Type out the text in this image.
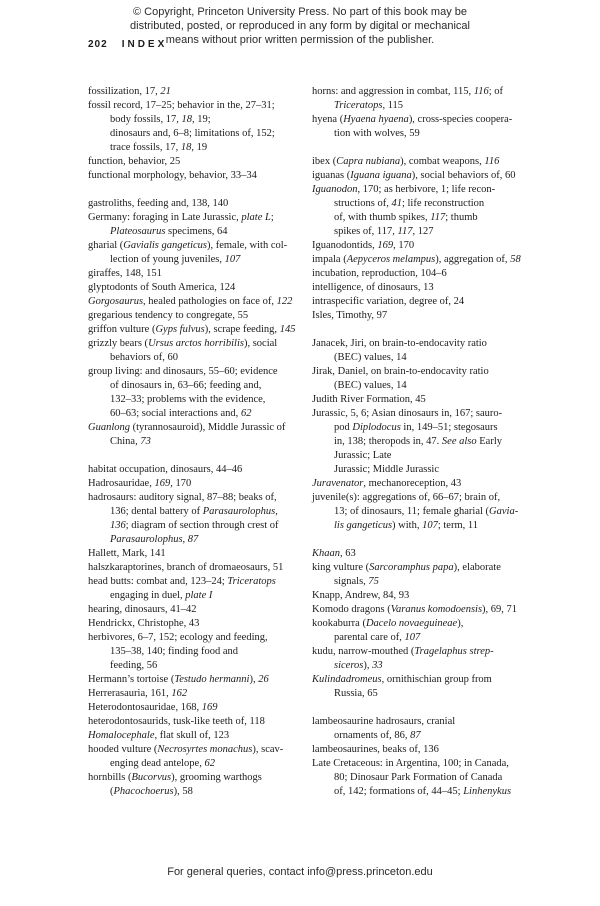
© Copyright, Princeton University Press. No part of this book may be
distributed, posted, or reproduced in any form by digital or mechanical
means without prior written permission of the publisher.
202 INDEX
fossilization, 17, 21
fossil record, 17–25; behavior in the, 27–31;
body fossils, 17, 18, 19;
dinosaurs and, 6–8; limitations of, 152;
trace fossils, 17, 18, 19
function, behavior, 25
functional morphology, behavior, 33–34
gastroliths, feeding and, 138, 140
Germany: foraging in Late Jurassic, plate L;
Plateosaurus specimens, 64
gharial (Gavialis gangeticus), female, with col-
lection of young juveniles, 107
giraffes, 148, 151
glyptodonts of South America, 124
Gorgosaurus, healed pathologies on face of, 122
gregarious tendency to congregate, 55
griffon vulture (Gyps fulvus), scrape feeding, 145
grizzly bears (Ursus arctos horribilis), social
behaviors of, 60
group living: and dinosaurs, 55–60; evidence
of dinosaurs in, 63–66; feeding and,
132–33; problems with the evidence,
60–63; social interactions and, 62
Guanlong (tyrannosauroid), Middle Jurassic of
China, 73
habitat occupation, dinosaurs, 44–46
Hadrosauridae, 169, 170
hadrosaurs: auditory signal, 87–88; beaks of,
136; dental battery of Parasaurolophus,
136; diagram of section through crest of
Parasaurolophus, 87
Hallett, Mark, 141
halszkaraptorines, branch of dromaeosaurs, 51
head butts: combat and, 123–24; Triceratops
engaging in duel, plate I
hearing, dinosaurs, 41–42
Hendrickx, Christophe, 43
herbivores, 6–7, 152; ecology and feeding,
135–38, 140; finding food and
feeding, 56
Hermann’s tortoise (Testudo hermanni), 26
Herrerasauria, 161, 162
Heterodontosauridae, 168, 169
heterodontosaurids, tusk-like teeth of, 118
Homalocephale, flat skull of, 123
hooded vulture (Necrosyrtes monachus), scav-
enging dead antelope, 62
hornbills (Bucorvus), grooming warthogs
(Phacochoerus), 58
horns: and aggression in combat, 115, 116; of
Triceratops, 115
hyena (Hyaena hyaena), cross-species coopera-
tion with wolves, 59
ibex (Capra nubiana), combat weapons, 116
iguanas (Iguana iguana), social behaviors of, 60
Iguanodon, 170; as herbivore, 1; life recon-
structions of, 41; life reconstruction
of, with thumb spikes, 117; thumb
spikes of, 117, 117, 127
Iguanodontids, 169, 170
impala (Aepyceros melampus), aggregation of, 58
incubation, reproduction, 104–6
intelligence, of dinosaurs, 13
intraspecific variation, degree of, 24
Isles, Timothy, 97
Janacek, Jiri, on brain-to-endocavity ratio
(BEC) values, 14
Jirak, Daniel, on brain-to-endocavity ratio
(BEC) values, 14
Judith River Formation, 45
Jurassic, 5, 6; Asian dinosaurs in, 167; sauro-
pod Diplodocus in, 149–51; stegosaurs
in, 138; theropods in, 47. See also Early
Jurassic; Late
Jurassic; Middle Jurassic
Juravenator, mechanoreception, 43
juvenile(s): aggregations of, 66–67; brain of,
13; of dinosaurs, 11; female gharial (Gavia-
lis gangeticus) with, 107; term, 11
Khaan, 63
king vulture (Sarcoramphus papa), elaborate
signals, 75
Knapp, Andrew, 84, 93
Komodo dragons (Varanus komodoensis), 69, 71
kookaburra (Dacelo novaeguineae),
parental care of, 107
kudu, narrow-mouthed (Tragelaphus strep-
siceros), 33
Kulindadromeus, ornithischian group from
Russia, 65
lambeosaurine hadrosaurs, cranial
ornaments of, 86, 87
lambeosaurines, beaks of, 136
Late Cretaceous: in Argentina, 100; in Canada,
80; Dinosaur Park Formation of Canada
of, 142; formations of, 44–45; Linhenykus
For general queries, contact info@press.princeton.edu
